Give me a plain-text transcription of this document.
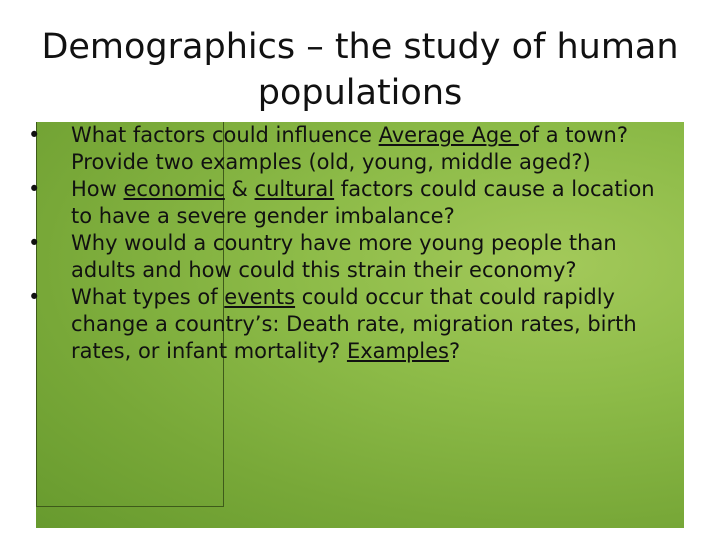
Demographics – the study of human
populations
• What factors could influence Average Age of a town? Provide two examples (old, young, middle aged?)
• How economic & cultural factors could cause a location to have a severe gender imbalance?
• Why would a country have more young people than adults and how could this strain their economy?
• What types of events could occur that could rapidly change a country’s: Death rate, migration rates, birth rates, or infant mortality? Examples?
